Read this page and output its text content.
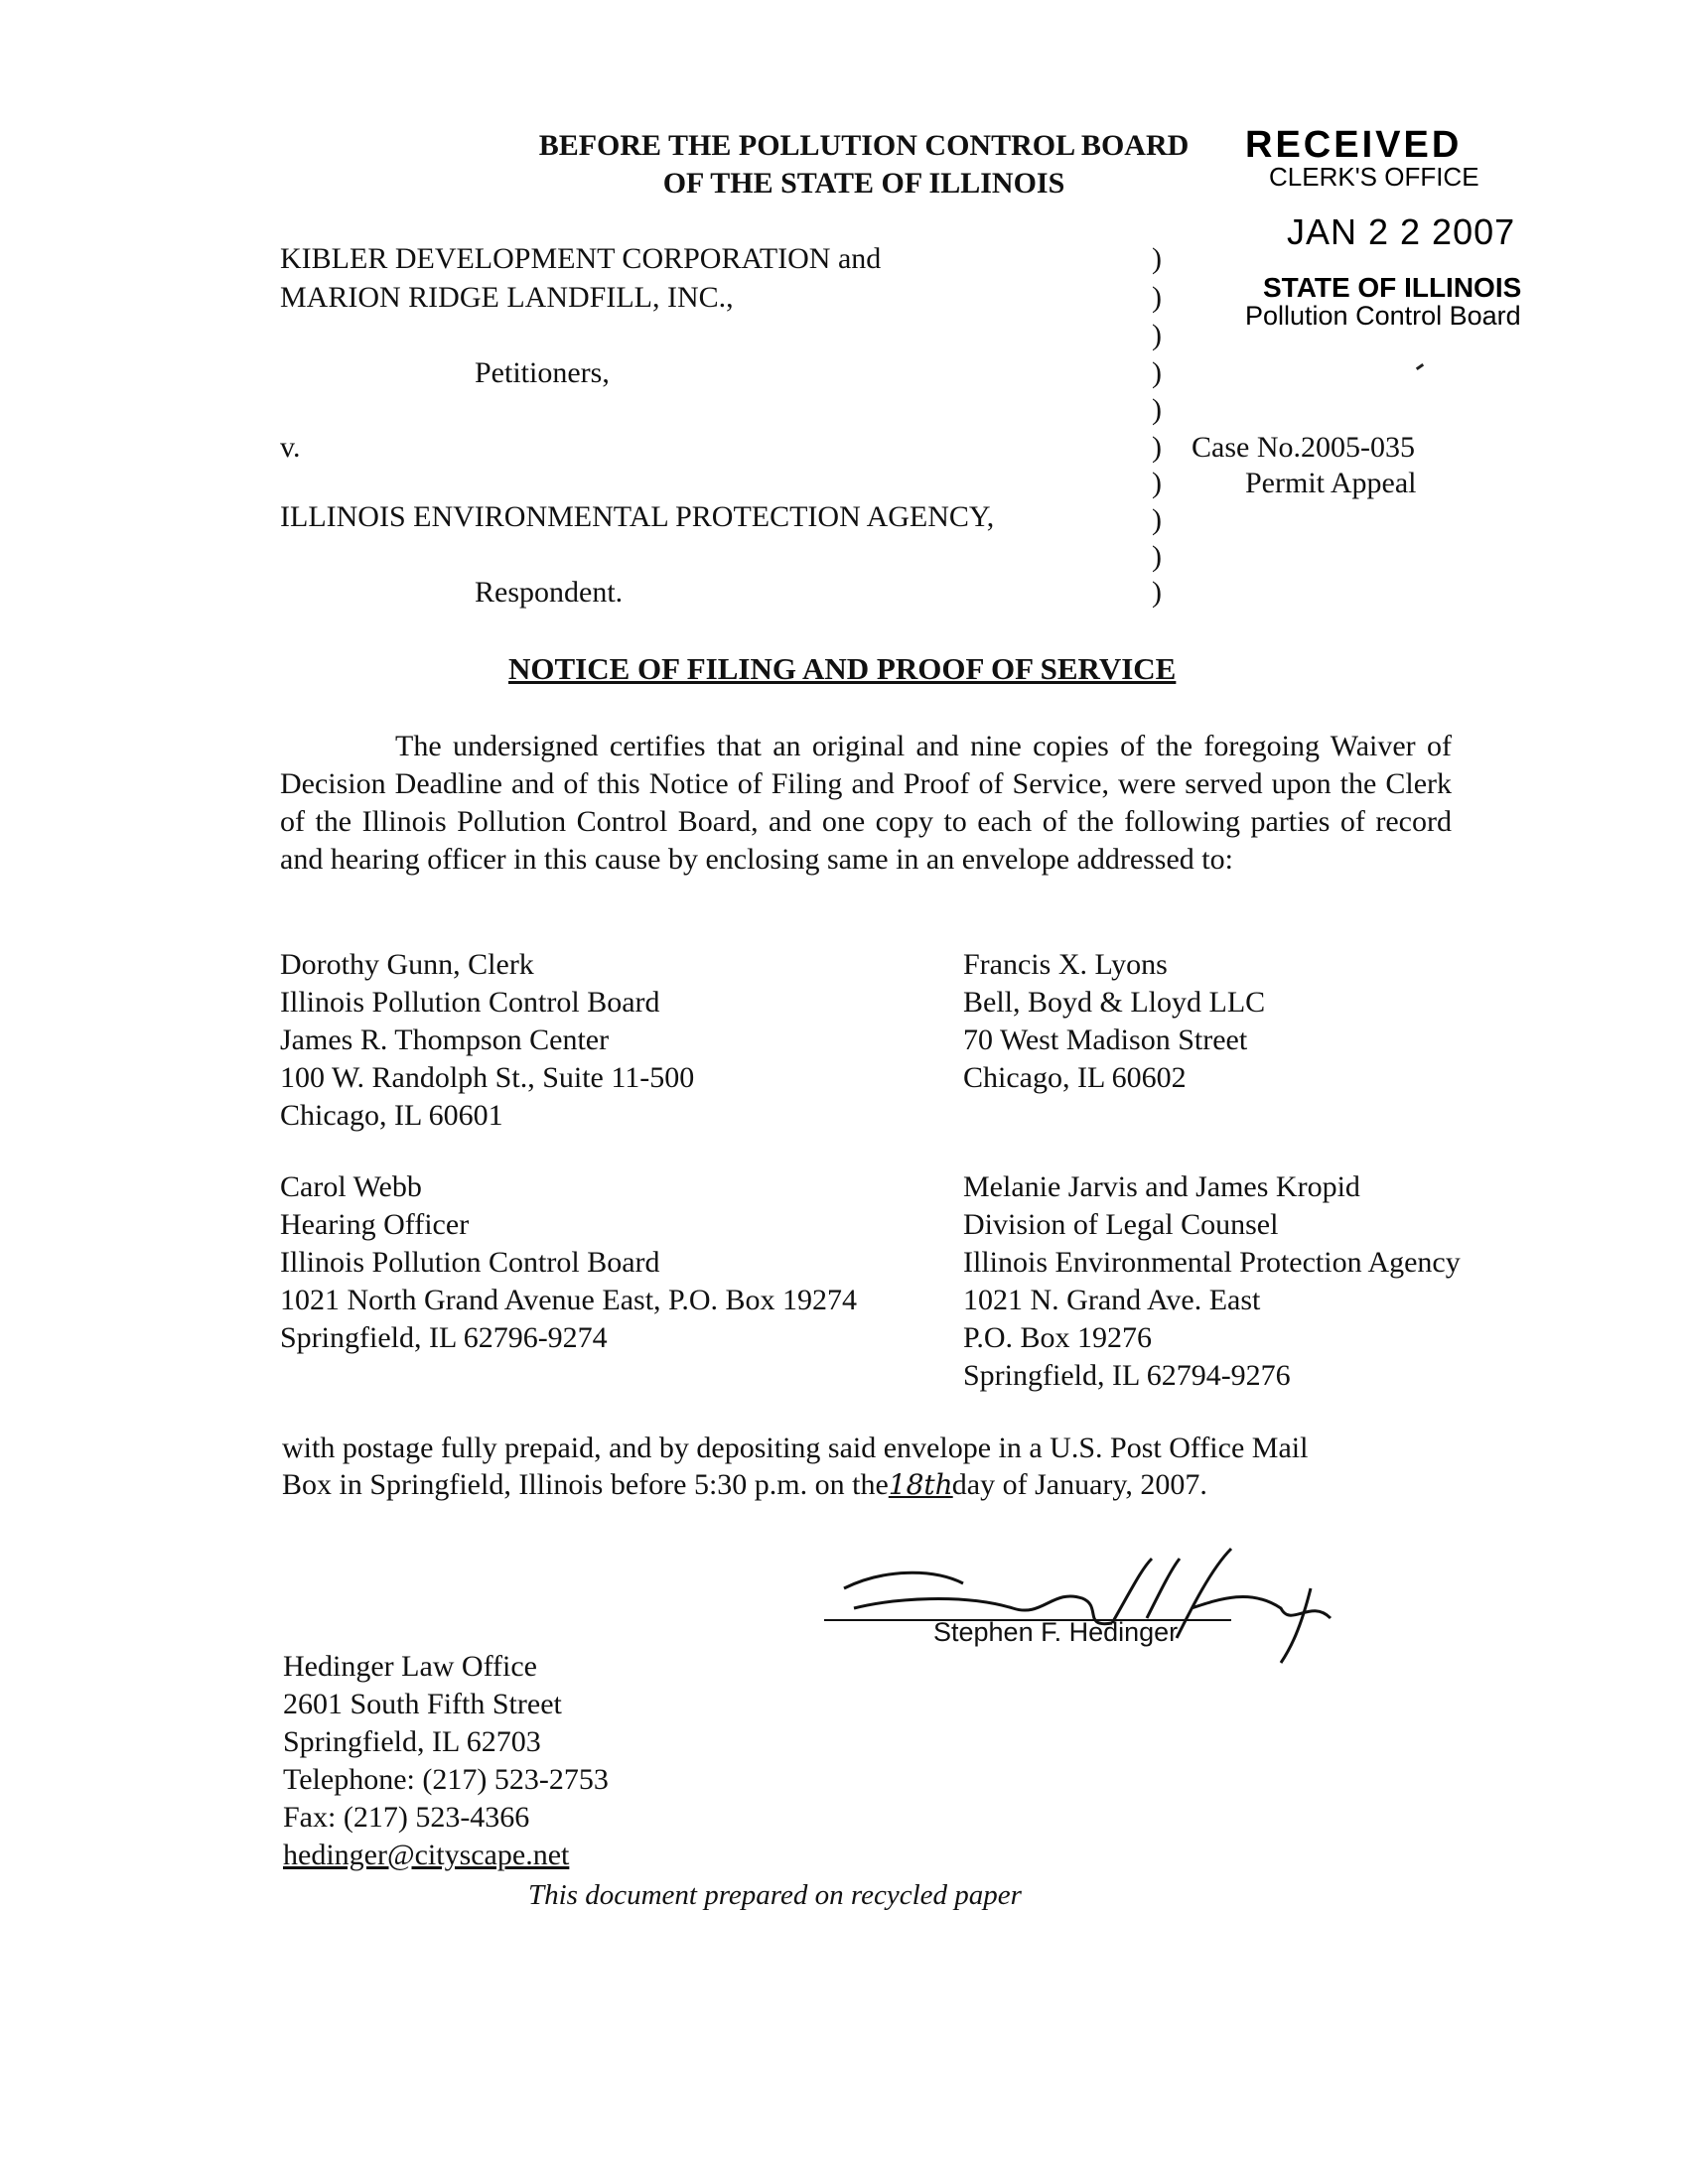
BEFORE THE POLLUTION CONTROL BOARD
OF THE STATE OF ILLINOIS
RECEIVED
CLERK'S OFFICE
JAN 2 2 2007
STATE OF ILLINOIS
Pollution Control Board
KIBLER DEVELOPMENT CORPORATION and
MARION RIDGE LANDFILL, INC.,
Petitioners,
v.
ILLINOIS ENVIRONMENTAL PROTECTION AGENCY,
Respondent.
)
)
)
)
)
)
)
)
)
)
Case No.2005-035
Permit Appeal
NOTICE OF FILING AND PROOF OF SERVICE
The undersigned certifies that an original and nine copies of the foregoing Waiver of Decision Deadline and of this Notice of Filing and Proof of Service, were served upon the Clerk of the Illinois Pollution Control Board, and one copy to each of the following parties of record and hearing officer in this cause by enclosing same in an envelope addressed to:
Dorothy Gunn, Clerk
Illinois Pollution Control Board
James R. Thompson Center
100 W. Randolph St., Suite 11-500
Chicago, IL 60601
Francis X. Lyons
Bell, Boyd & Lloyd LLC
70 West Madison Street
Chicago, IL 60602
Carol Webb
Hearing Officer
Illinois Pollution Control Board
1021 North Grand Avenue East, P.O. Box 19274
Springfield, IL 62796-9274
Melanie Jarvis and James Kropid
Division of Legal Counsel
Illinois Environmental Protection Agency
1021 N. Grand Ave. East
P.O. Box 19276
Springfield, IL 62794-9276
with postage fully prepaid, and by depositing said envelope in a U.S. Post Office Mail
Box in Springfield, Illinois before 5:30 p.m. on the18thday of January, 2007.
Stephen F. Hedinger
Hedinger Law Office
2601 South Fifth Street
Springfield, IL 62703
Telephone: (217) 523-2753
Fax: (217) 523-4366
hedinger@cityscape.net
This document prepared on recycled paper
